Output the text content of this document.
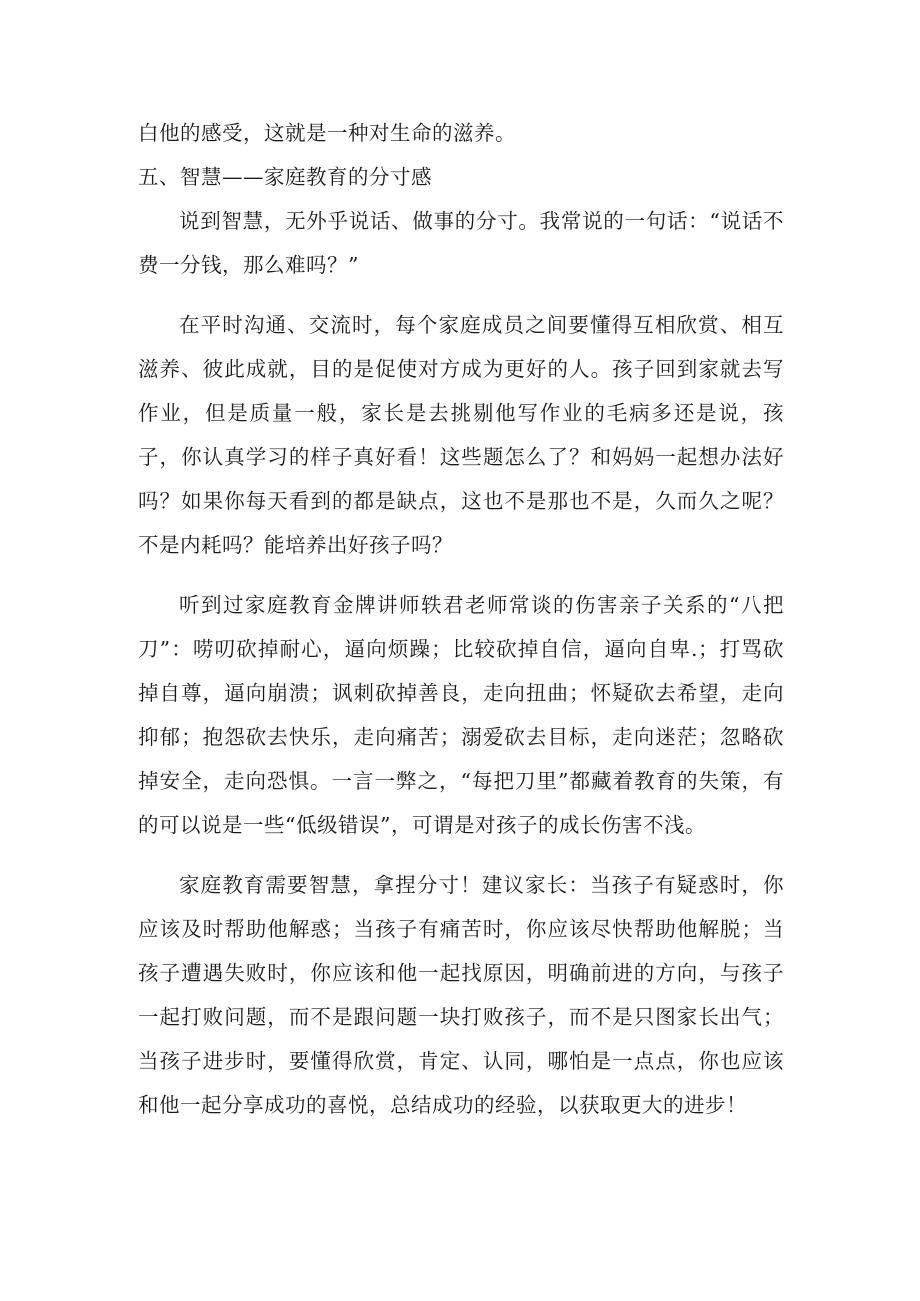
白他的感受，这就是一种对生命的滋养。

五、智慧——家庭教育的分寸感

说到智慧，无外乎说话、做事的分寸。我常说的一句话：“说话不费一分钱，那么难吗？”

在平时沟通、交流时，每个家庭成员之间要懂得互相欣赏、相互滋养、彼此成就，目的是促使对方成为更好的人。孩子回到家就去写作业，但是质量一般，家长是去挑剔他写作业的毛病多还是说，孩子，你认真学习的样子真好看！这些题怎么了？和妈妈一起想办法好吗？如果你每天看到的都是缺点，这也不是那也不是，久而久之呢？不是内耗吗？能培养出好孩子吗？

听到过家庭教育金牌讲师轶君老师常谈的伤害亲子关系的“八把刀”：唠叨砍掉耐心，逼向烦躁；比较砍掉自信，逼向自卑.；打骂砍掉自尊，逼向崩溃；讽刺砍掉善良，走向扭曲；怀疑砍去希望，走向抑郁；抱怨砍去快乐，走向痛苦；溺爱砍去目标，走向迷茫；忽略砍掉安全，走向恐惧。一言一弊之，“每把刀里”都藏着教育的失策，有的可以说是一些“低级错误”，可谓是对孩子的成长伤害不浅。

家庭教育需要智慧，拿捏分寸！建议家长：当孩子有疑惑时，你应该及时帮助他解惑；当孩子有痛苦时，你应该尽快帮助他解脱；当孩子遭遇失败时，你应该和他一起找原因，明确前进的方向，与孩子一起打败问题，而不是跟问题一块打败孩子，而不是只图家长出气；当孩子进步时，要懂得欣赏，肯定、认同，哪怕是一点点，你也应该和他一起分享成功的喜悦，总结成功的经验，以获取更大的进步！
